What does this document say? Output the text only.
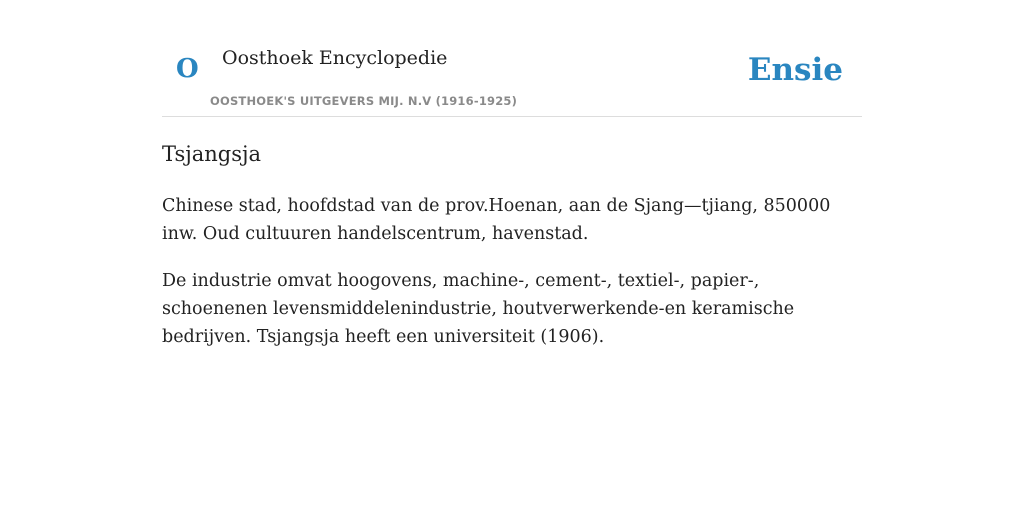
O Oosthoek Encyclopedie
OOSTHOEK'S UITGEVERS MIJ. N.V (1916-1925)
Ensie
Tsjangsja

Chinese stad, hoofdstad van de prov.Hoenan, aan de Sjang—tjiang, 850000 inw. Oud cultuuren handelscentrum, havenstad.

De industrie omvat hoogovens, machine-, cement-, textiel-, papier-, schoenenen levensmiddelenindustrie, houtverwerkende-en keramische bedrijven. Tsjangsja heeft een universiteit (1906).
